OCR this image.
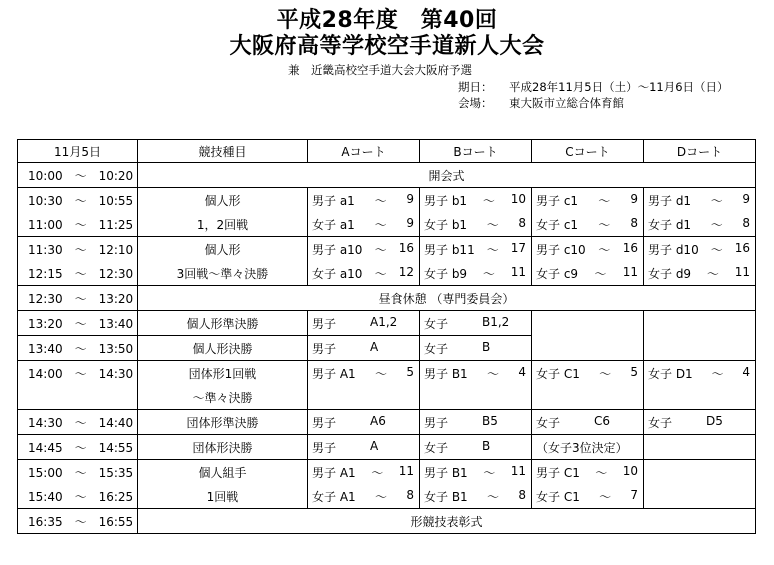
平成28年度　第40回
大阪府高等学校空手道新人大会
兼　近畿高校空手道大会大阪府予選
期日： 平成28年11月5日（土）～11月6日（日）
会場： 東大阪市立総合体育館
11月5日	競技種目	Aコート	Bコート	Cコート	Dコート
10:00　～　10:20	開会式				
10:30　～　10:55	個人形	男子 a1 ～ 9	男子 b1 ～ 10	男子 c1 ～ 9	男子 d1 ～ 9

11:00　～　11:25	1，2回戦	女子 a1 ～ 9	女子 b1 ～ 8	女子 c1 ～ 8	女子 d1 ～ 8

11:30　～　12:10	個人形	男子 a10 ～ 16	男子 b11 ～ 17	男子 c10 ～ 16	男子 d10 ～ 16

12:15　～　12:30	3回戦～準々決勝	女子 a10 ～ 12	女子 b9 ～ 11	女子 c9 ～ 11	女子 d9 ～ 11

12:30　～　13:20	昼食休憩 （専門委員会）				
13:20　～　13:40	個人形準決勝	男子 A1,2	女子 B1,2		

13:40　～　13:50	個人形決勝	男子 A	女子 B		

14:00　～　14:30	団体形1回戦	男子 A1 ～ 5	男子 B1 ～ 4	女子 C1 ～ 5	女子 D1 ～ 4

	～準々決勝				
14:30　～　14:40	団体形準決勝	男子 A6	男子 B5	女子 C6	女子 D5

14:45　～　14:55	団体形決勝	男子 A	女子 B	（女子3位決定）	

15:00　～　15:35	個人組手	男子 A1 ～ 11	男子 B1 ～ 11	男子 C1 ～ 10	

15:40　～　16:25	1回戦	女子 A1 ～ 8	女子 B1 ～ 8	女子 C1 ～ 7	

16:35　～　16:55	形競技表彰式				
